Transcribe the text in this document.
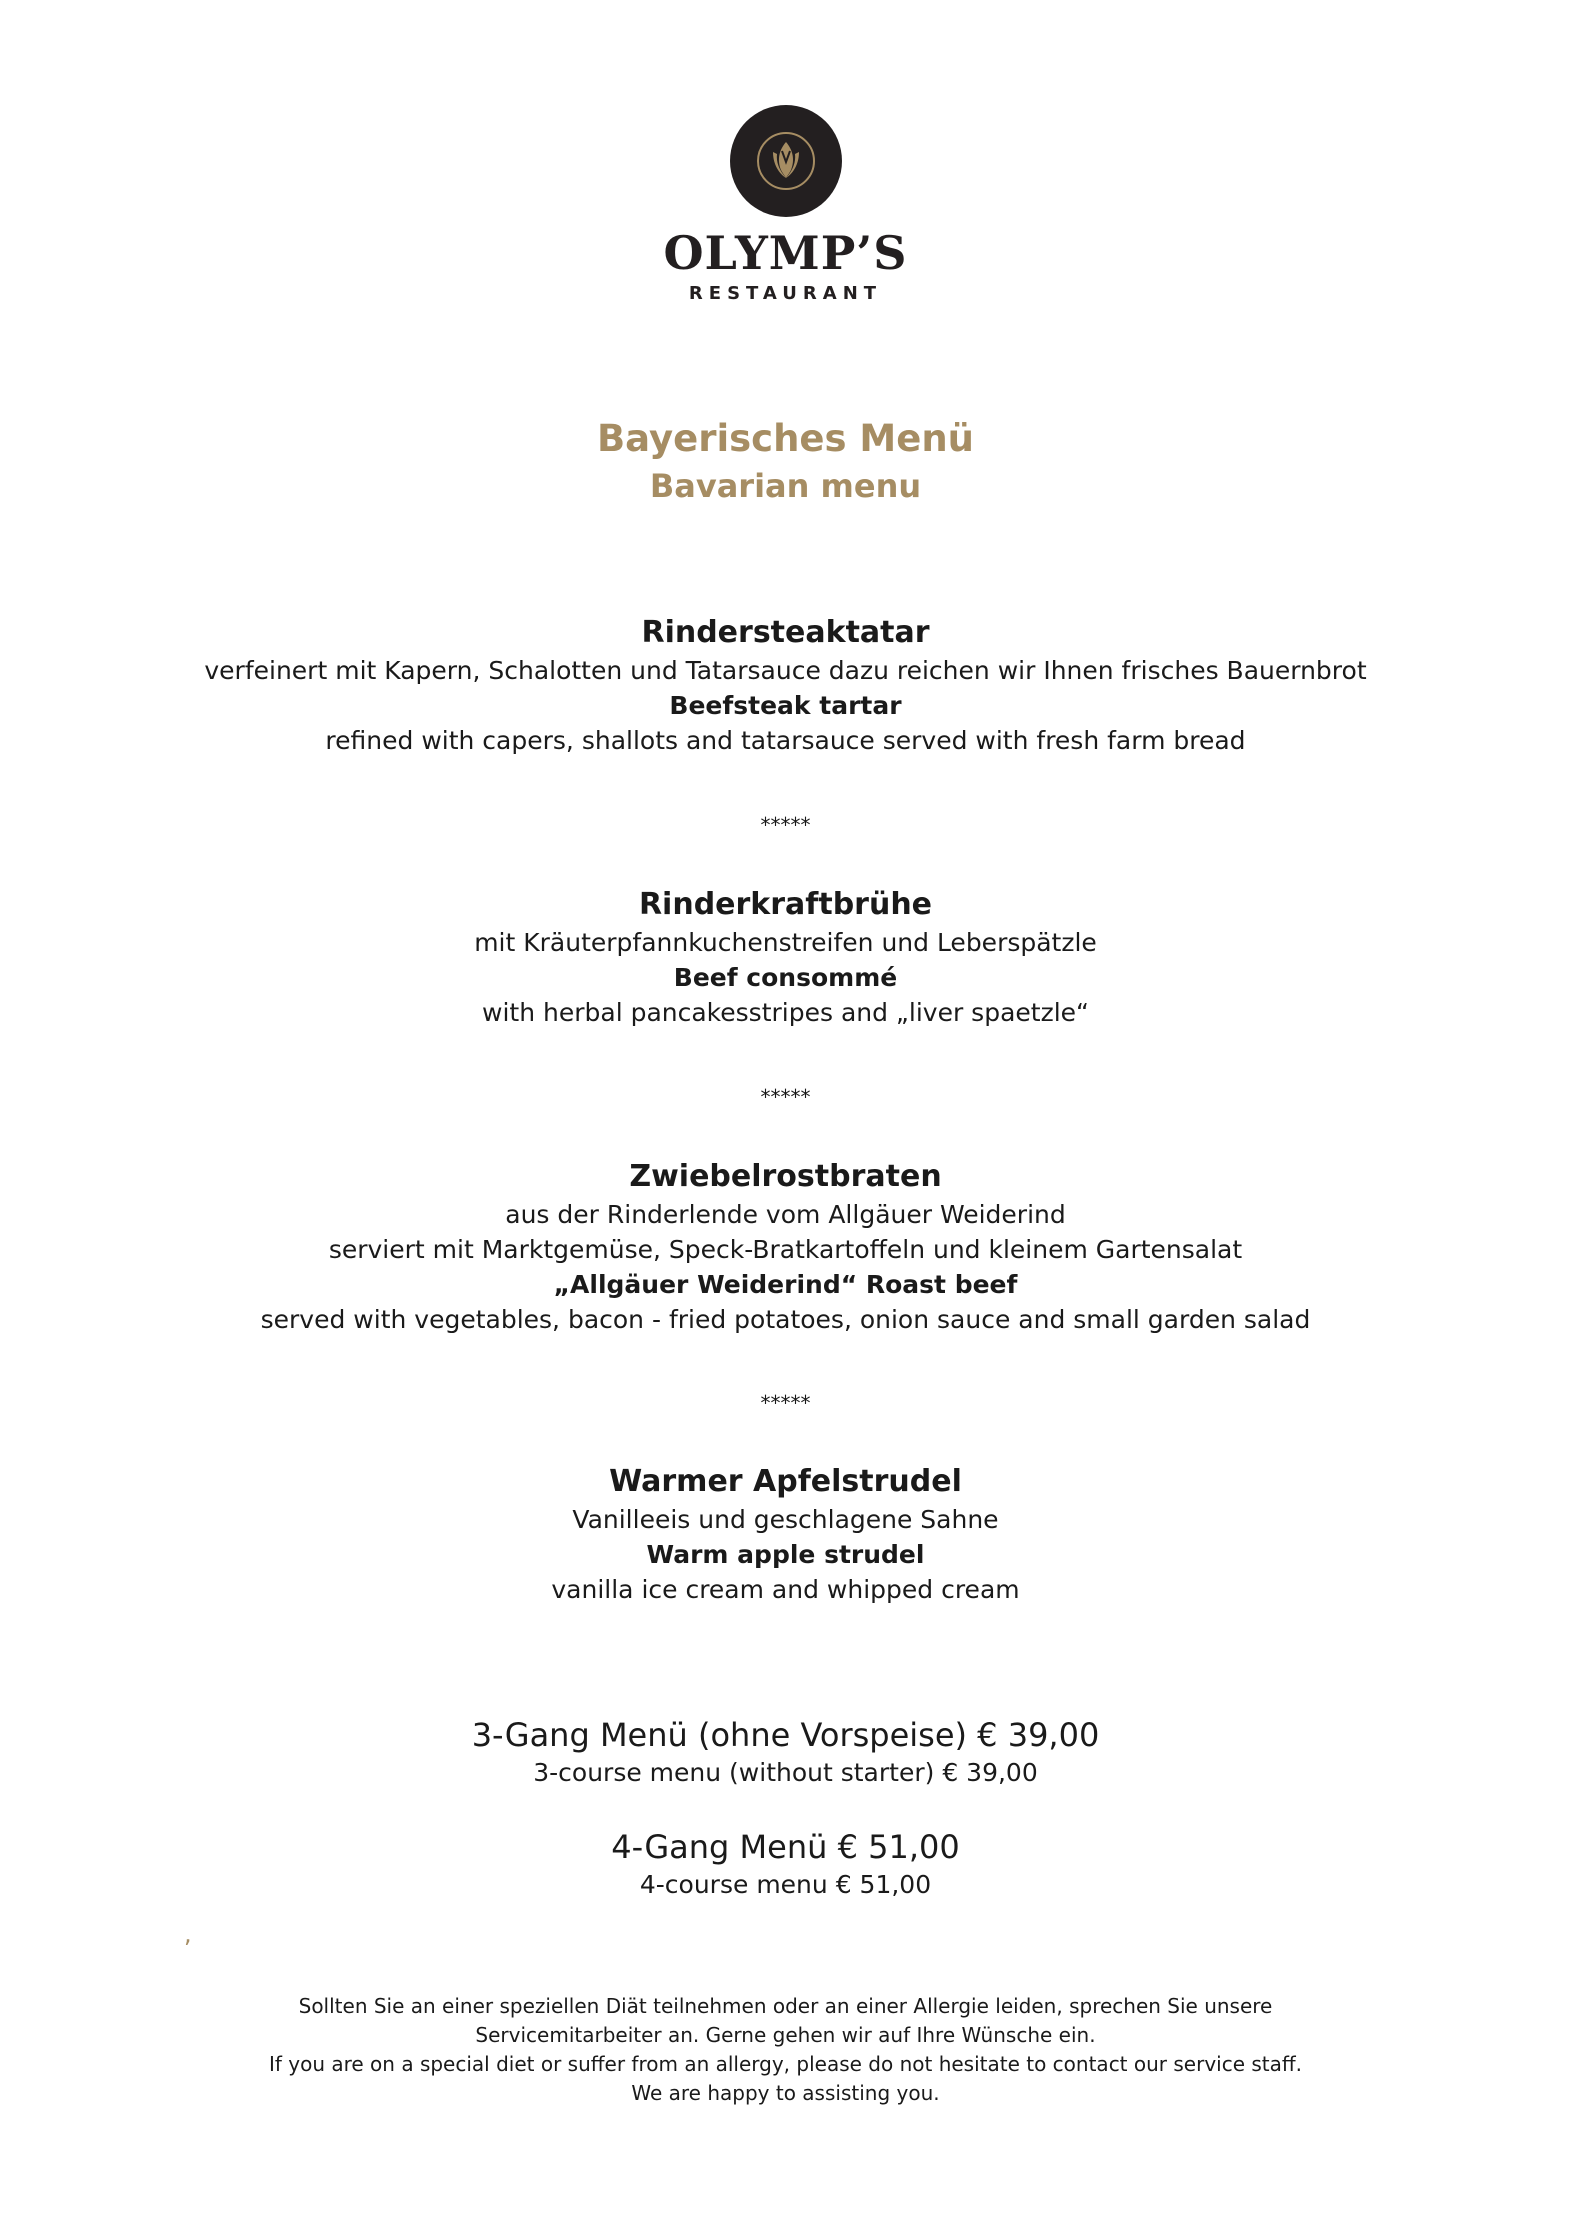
OLYMP’S
RESTAURANT
Bayerisches Menü
Bavarian menu
Rindersteaktatar
verfeinert mit Kapern, Schalotten und Tatarsauce dazu reichen wir Ihnen frisches Bauernbrot
Beefsteak tartar
refined with capers, shallots and tatarsauce served with fresh farm bread
*****
Rinderkraftbrühe
mit Kräuterpfannkuchenstreifen und Leberspätzle
Beef consommé
with herbal pancakesstripes and „liver spaetzle“
*****
Zwiebelrostbraten
aus der Rinderlende vom Allgäuer Weiderind
serviert mit Marktgemüse, Speck-Bratkartoffeln und kleinem Gartensalat
„Allgäuer Weiderind“ Roast beef
served with vegetables, bacon - fried potatoes, onion sauce and small garden salad
*****
Warmer Apfelstrudel
Vanilleeis und geschlagene Sahne
Warm apple strudel
vanilla ice cream and whipped cream
3-Gang Menü (ohne Vorspeise) € 39,00
3-course menu (without starter) € 39,00
4-Gang Menü € 51,00
4-course menu € 51,00
,
Sollten Sie an einer speziellen Diät teilnehmen oder an einer Allergie leiden, sprechen Sie unsere
Servicemitarbeiter an. Gerne gehen wir auf Ihre Wünsche ein.
If you are on a special diet or suffer from an allergy, please do not hesitate to contact our service staff.
We are happy to assisting you.
